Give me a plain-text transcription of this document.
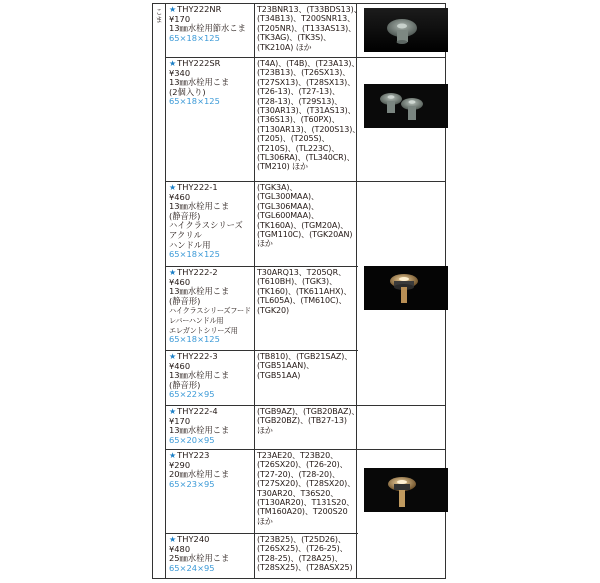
こま
★THY222NR
¥170
13㎜水栓用節水こま
65×18×125
T23BNR13、(T33BDS13)、
(T34B13)、T200SNR13、
(T205NR)、(T133AS13)、
(TK3AG)、(TK3S)、
(TK210A) ほか
★THY222SR
¥340
13㎜水栓用こま
(2個入り)
65×18×125
(T4A)、(T4B)、(T23A13)、
(T23B13)、(T26SX13)、
(T27SX13)、(T28SX13)、
(T26-13)、(T27-13)、
(T28-13)、(T29S13)、
(T30AR13)、(T31AS13)、
(T36S13)、(T60PX)、
(T130AR13)、(T200S13)、
(T205)、(T205S)、
(T210S)、(TL223C)、
(TL306RA)、(TL340CR)、
(TM210) ほか
★THY222-1
¥460
13㎜水栓用こま
(静音形)
ハイクラスシリーズ
アクリル
ハンドル用
65×18×125
(TGK3A)、
(TGL300MAA)、
(TGL306MAA)、
(TGL600MAA)、
(TK160A)、(TGM20A)、
(TGM110C)、(TGK20AN)
ほか
★THY222-2
¥460
13㎜水栓用こま
(静音形)
ハイクラスシリーズフード
レバーハンドル用
エレガントシリーズ用
65×18×125
T30ARQ13、T205QR、
(T610BH)、(TGK3)、
(TK160)、(TK611AHX)、
(TL605A)、(TM610C)、
(TGK20)
★THY222-3
¥460
13㎜水栓用こま
(静音形)
65×22×95
(TB810)、(TGB21SAZ)、
(TGB51AAN)、
(TGB51AA)
★THY222-4
¥170
13㎜水栓用こま
65×20×95
(TGB9AZ)、(TGB20BAZ)、
(TGB20BZ)、(TB27-13)
ほか
★THY223
¥290
20㎜水栓用こま
65×23×95
T23AE20、T23B20、
(T26SX20)、(T26-20)、
(T27-20)、(T28-20)、
(T27SX20)、(T28SX20)、
T30AR20、T36S20、
(T130AR20)、T131S20、
(TM160A20)、T200S20
ほか
★THY240
¥480
25㎜水栓用こま
65×24×95
(T23B25)、(T25D26)、
(T26SX25)、(T26-25)、
(T28-25)、(T28A25)、
(T28SX25)、(T28ASX25)
